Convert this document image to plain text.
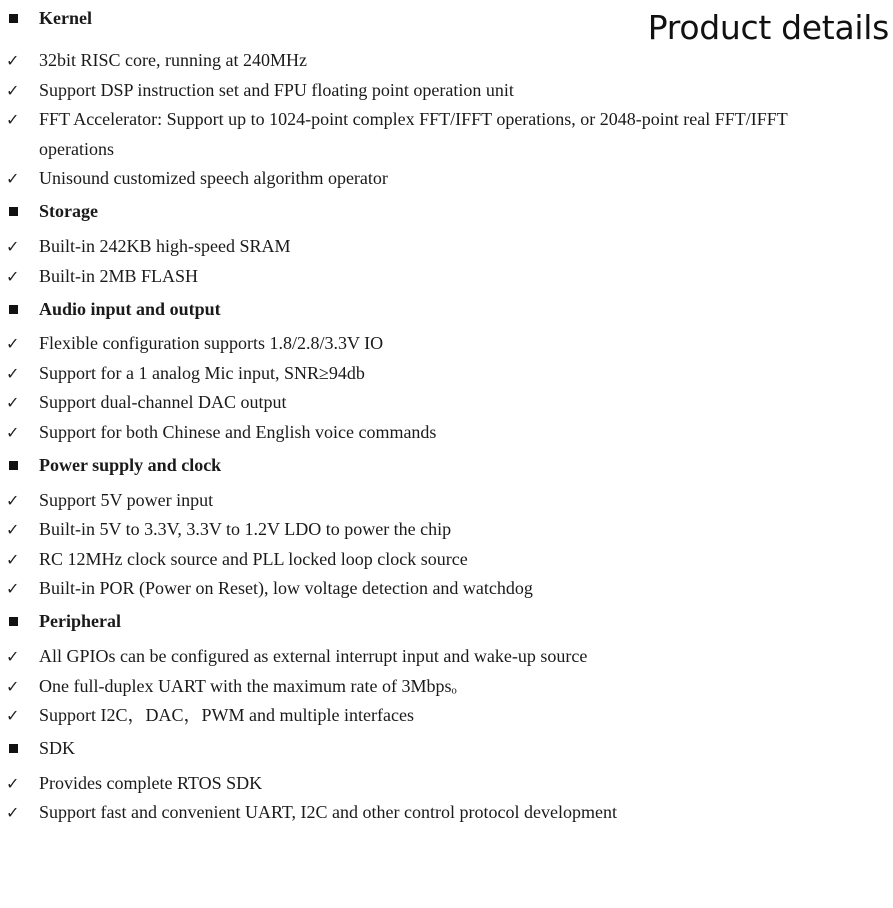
Product details
Kernel
✓	32bit RISC core, running at 240MHz
✓	Support DSP instruction set and FPU floating point operation unit
✓	FFT Accelerator: Support up to 1024-point complex FFT/IFFT operations, or 2048-point real FFT/IFFT operations
✓	Unisound customized speech algorithm operator
Storage
✓	Built-in 242KB high-speed SRAM
✓	Built-in 2MB FLASH
Audio input and output
✓	Flexible configuration supports 1.8/2.8/3.3V IO
✓	Support for a 1 analog Mic input, SNR≥94db
✓	Support dual-channel DAC output
✓	Support for both Chinese and English voice commands
Power supply and clock
✓	Support 5V power input
✓	Built-in 5V to 3.3V, 3.3V to 1.2V LDO to power the chip
✓	RC 12MHz clock source and PLL locked loop clock source
✓	Built-in POR (Power on Reset), low voltage detection and watchdog
Peripheral
✓	All GPIOs can be configured as external interrupt input and wake-up source
✓	One full-duplex UART with the maximum rate of 3Mbpsₒ
✓	Support I2C，DAC，PWM and multiple interfaces
SDK
✓	Provides complete RTOS SDK
✓	Support fast and convenient UART, I2C and other control protocol development
